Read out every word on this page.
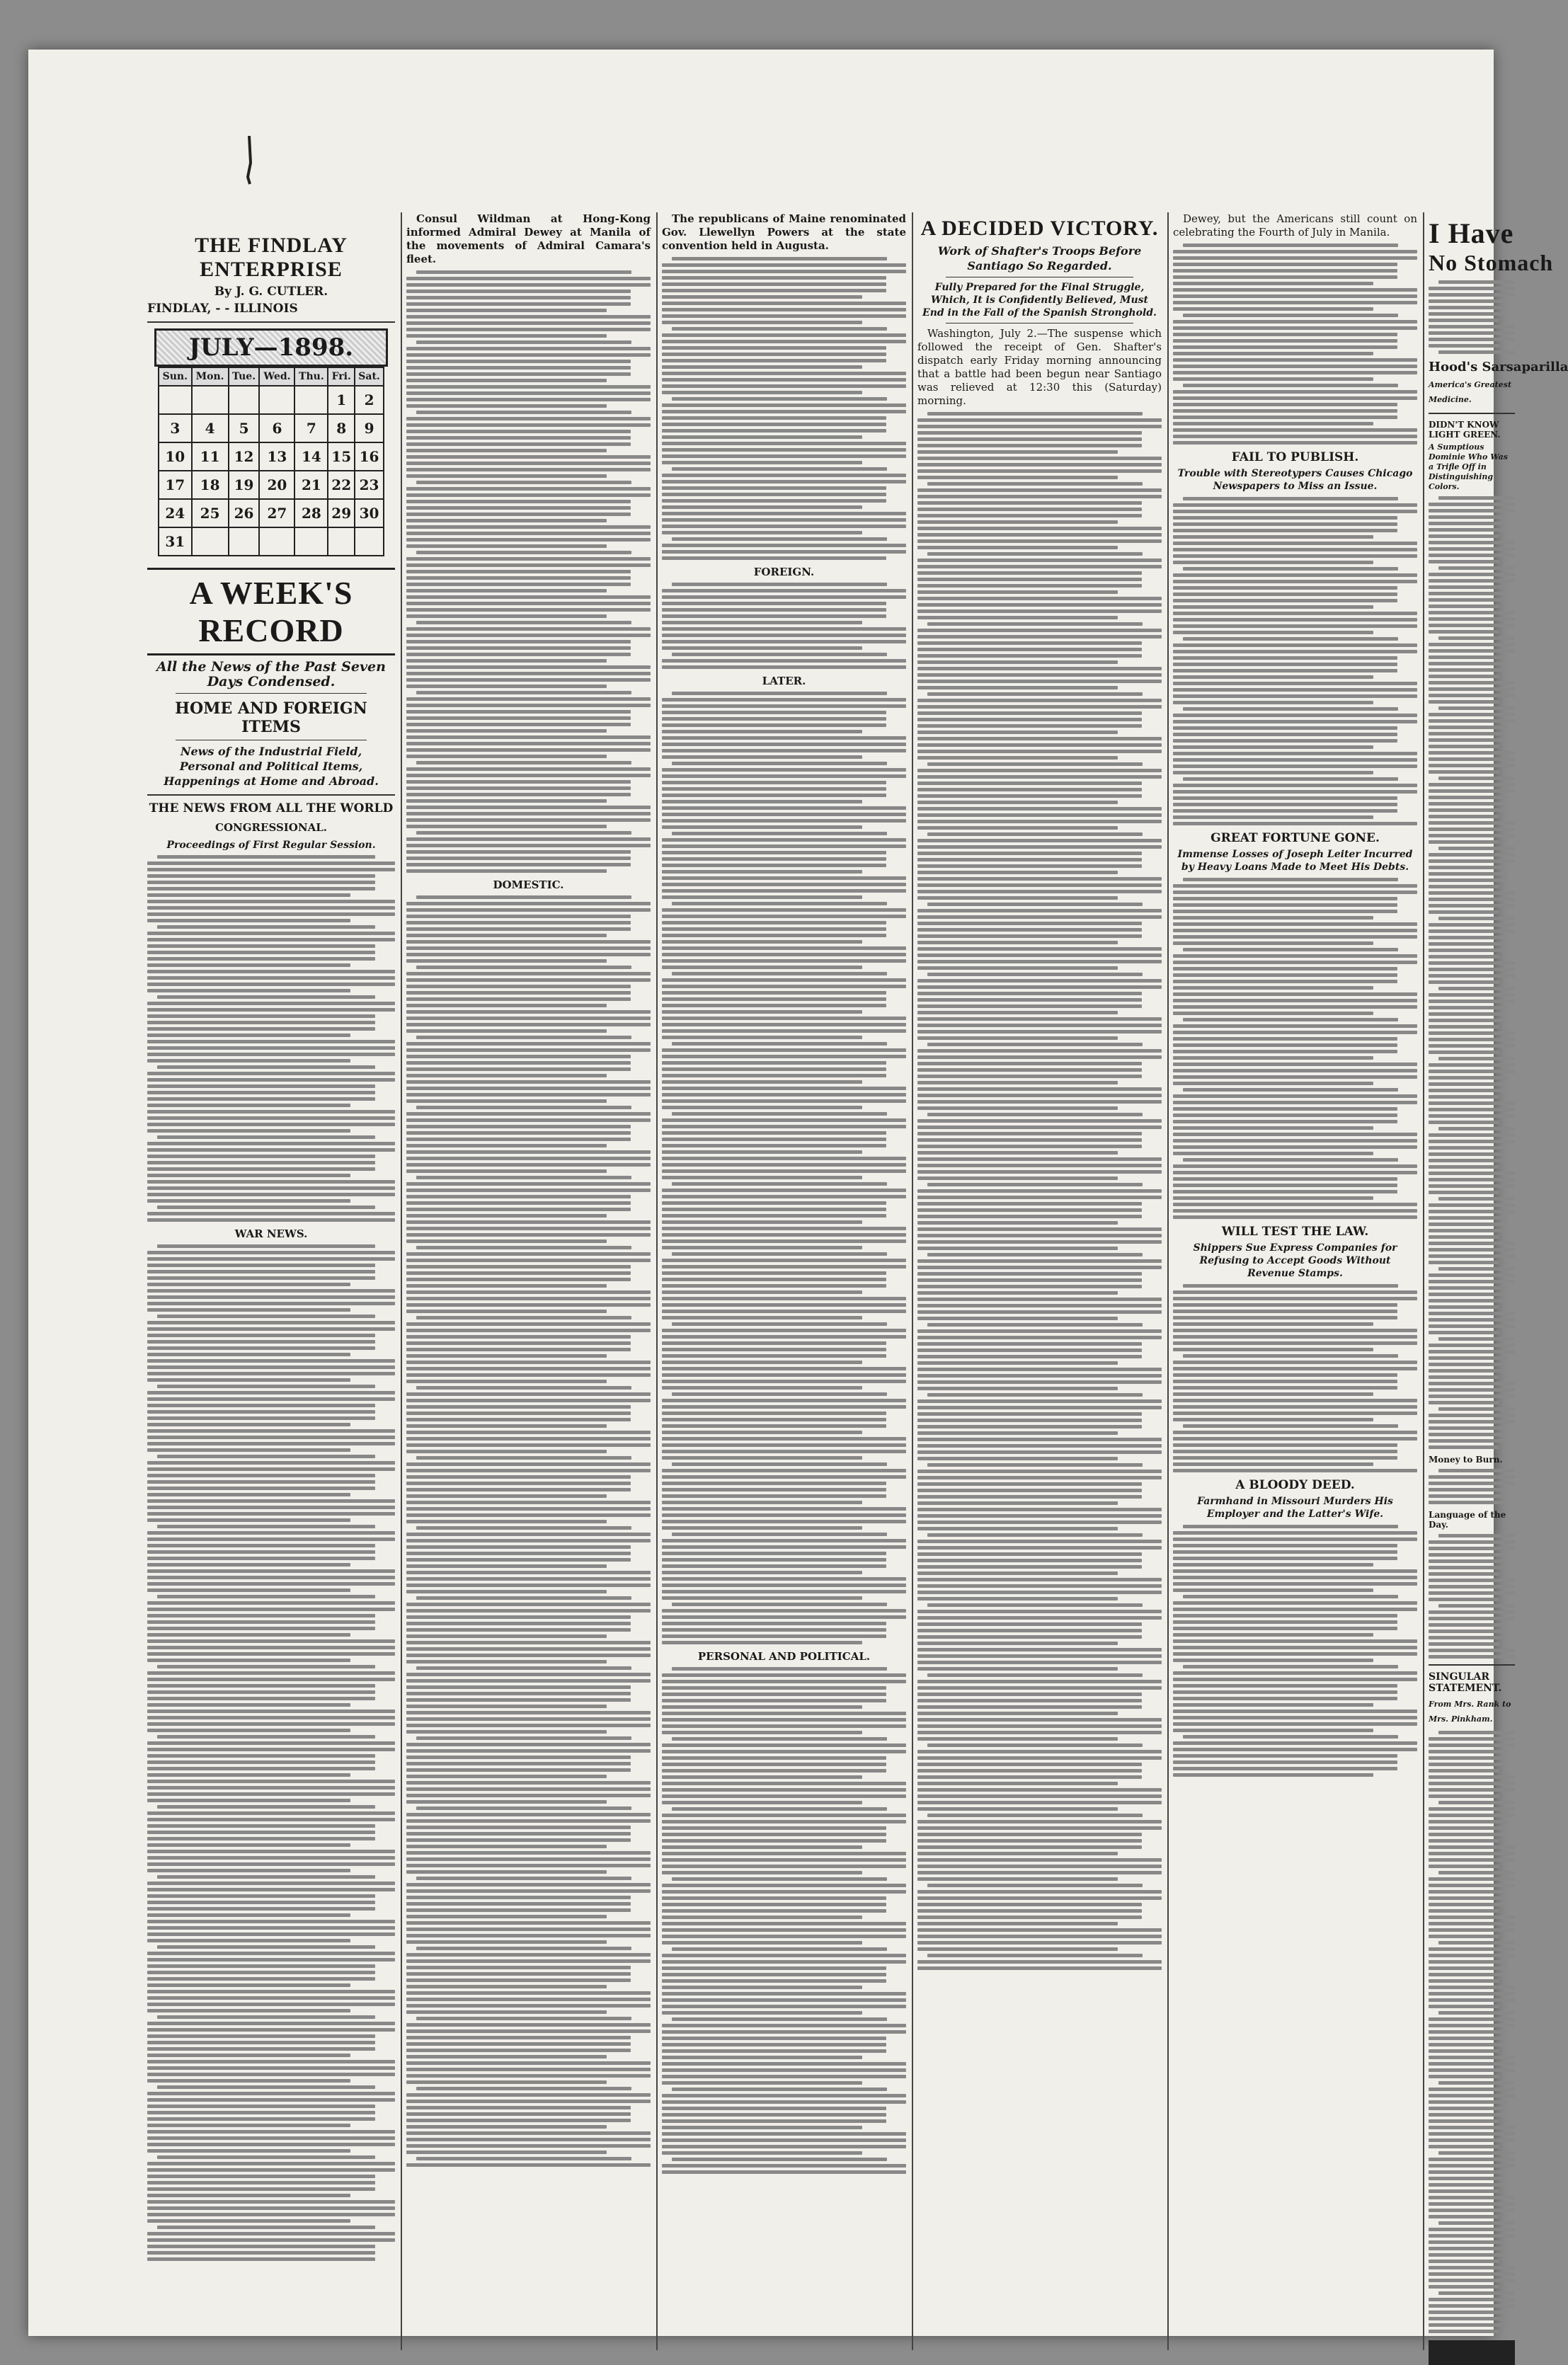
THE FINDLAY ENTERPRISE
By J. G. CUTLER.
FINDLAY, - - ILLINOIS
JULY—1898.
Sun.	Mon.	Tue.	Wed.	Thu.	Fri.	Sat.
					1	2
3	4	5	6	7	8	9
10	11	12	13	14	15	16
17	18	19	20	21	22	23
24	25	26	27	28	29	30
31						
A WEEK'S RECORD
All the News of the Past Seven Days Condensed.
HOME AND FOREIGN ITEMS
News of the Industrial Field, Personal and Political Items, Happenings at Home and Abroad.
THE NEWS FROM ALL THE WORLD
CONGRESSIONAL.
Proceedings of First Regular Session.
WAR NEWS.

Consul Wildman at Hong-Kong informed Admiral Dewey at Manila of the movements of Admiral Camara's fleet.

DOMESTIC.

The republicans of Maine renominated Gov. Llewellyn Powers at the state convention held in Augusta.

FOREIGN.
LATER.
PERSONAL AND POLITICAL.
A DECIDED VICTORY.
Work of Shafter's Troops Before Santiago So Regarded.
Fully Prepared for the Final Struggle, Which, It is Confidently Believed, Must End in the Fall of the Spanish Stronghold.

Washington, July 2.—The suspense which followed the receipt of Gen. Shafter's dispatch early Friday morning announcing that a battle had been begun near Santiago was relieved at 12:30 this (Saturday) morning.

Dewey, but the Americans still count on celebrating the Fourth of July in Manila.

FAIL TO PUBLISH.
Trouble with Stereotypers Causes Chicago Newspapers to Miss an Issue.
GREAT FORTUNE GONE.
Immense Losses of Joseph Leiter Incurred by Heavy Loans Made to Meet His Debts.
WILL TEST THE LAW.
Shippers Sue Express Companies for Refusing to Accept Goods Without Revenue Stamps.
A BLOODY DEED.
Farmhand in Missouri Murders His Employer and the Latter's Wife.
I Have
No Stomach
Hood's Sarsaparilla
America's Greatest Medicine.
DIDN'T KNOW LIGHT GREEN.
A Sumptious Dominie Who Was a Trifle Off in Distinguishing Colors.
Money to Burn.
Language of the Day.
SINGULAR STATEMENT.
From Mrs. Rank to Mrs. Pinkham.
